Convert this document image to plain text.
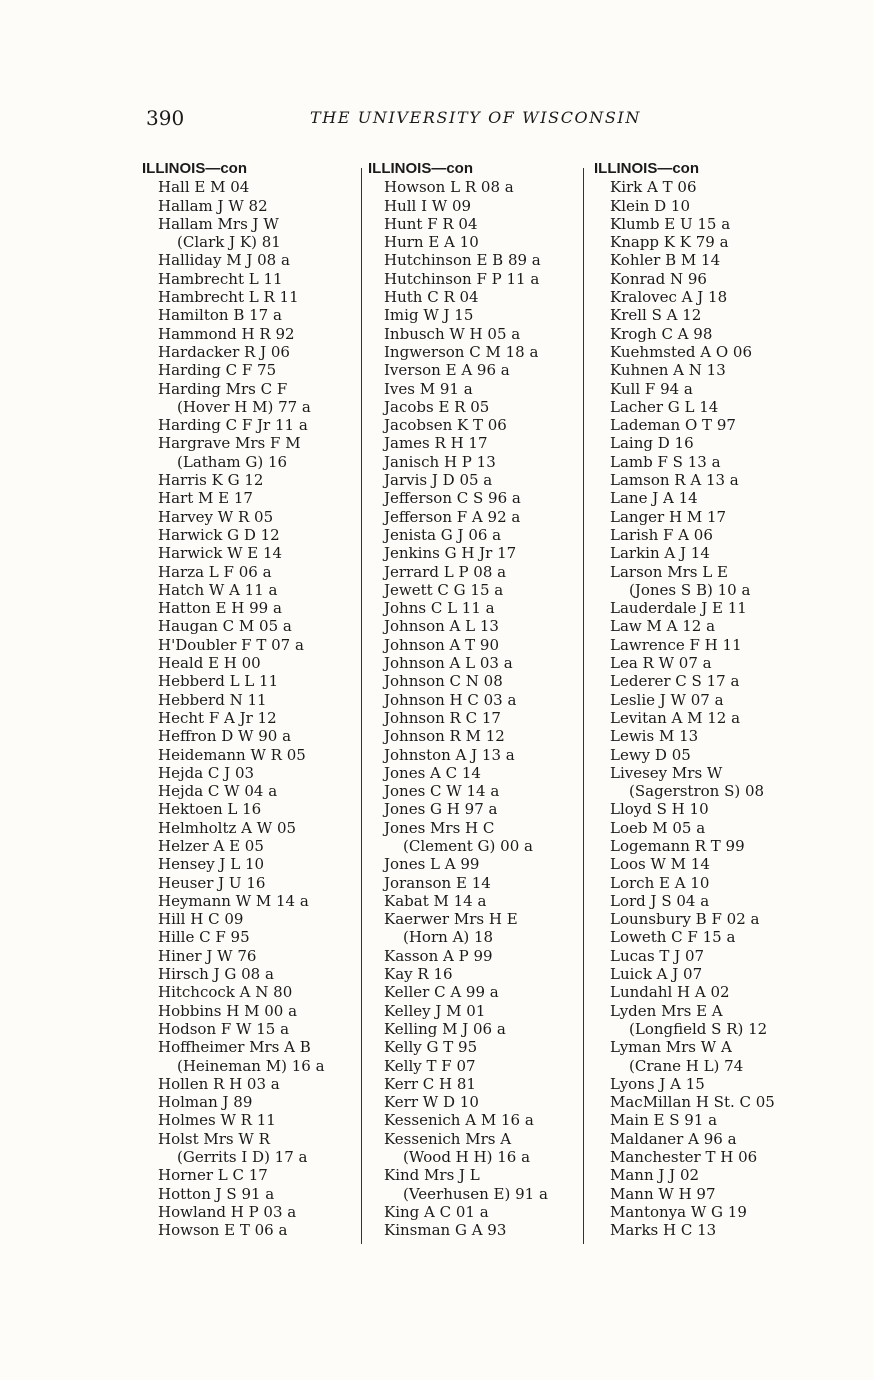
390	THE UNIVERSITY OF WISCONSIN
ILLINOIS—con
Hall E M 04
Hallam J W 82
Hallam Mrs J W
(Clark J K) 81
Halliday M J 08 a
Hambrecht L 11
Hambrecht L R 11
Hamilton B 17 a
Hammond H R 92
Hardacker R J 06
Harding C F 75
Harding Mrs C F
(Hover H M) 77 a
Harding C F Jr 11 a
Hargrave Mrs F M
(Latham G) 16
Harris K G 12
Hart M E 17
Harvey W R 05
Harwick G D 12
Harwick W E 14
Harza L F 06 a
Hatch W A 11 a
Hatton E H 99 a
Haugan C M 05 a
H'Doubler F T 07 a
Heald E H 00
Hebberd L L 11
Hebberd N 11
Hecht F A Jr 12
Heffron D W 90 a
Heidemann W R 05
Hejda C J 03
Hejda C W 04 a
Hektoen L 16
Helmholtz A W 05
Helzer A E 05
Hensey J L 10
Heuser J U 16
Heymann W M 14 a
Hill H C 09
Hille C F 95
Hiner J W 76
Hirsch J G 08 a
Hitchcock A N 80
Hobbins H M 00 a
Hodson F W 15 a
Hoffheimer Mrs A B
(Heineman M) 16 a
Hollen R H 03 a
Holman J 89
Holmes W R 11
Holst Mrs W R
(Gerrits I D) 17 a
Horner L C 17
Hotton J S 91 a
Howland H P 03 a
Howson E T 06 a
ILLINOIS—con
Howson L R 08 a
Hull I W 09
Hunt F R 04
Hurn E A 10
Hutchinson E B 89 a
Hutchinson F P 11 a
Huth C R 04
Imig W J 15
Inbusch W H 05 a
Ingwerson C M 18 a
Iverson E A 96 a
Ives M 91 a
Jacobs E R 05
Jacobsen K T 06
James R H 17
Janisch H P 13
Jarvis J D 05 a
Jefferson C S 96 a
Jefferson F A 92 a
Jenista G J 06 a
Jenkins G H Jr 17
Jerrard L P 08 a
Jewett C G 15 a
Johns C L 11 a
Johnson A L 13
Johnson A T 90
Johnson A L 03 a
Johnson C N 08
Johnson H C 03 a
Johnson R C 17
Johnson R M 12
Johnston A J 13 a
Jones A C 14
Jones C W 14 a
Jones G H 97 a
Jones Mrs H C
(Clement G) 00 a
Jones L A 99
Joranson E 14
Kabat M 14 a
Kaerwer Mrs H E
(Horn A) 18
Kasson A P 99
Kay R 16
Keller C A 99 a
Kelley J M 01
Kelling M J 06 a
Kelly G T 95
Kelly T F 07
Kerr C H 81
Kerr W D 10
Kessenich A M 16 a
Kessenich Mrs A
(Wood H H) 16 a
Kind Mrs J L
(Veerhusen E) 91 a
King A C 01 a
Kinsman G A 93
ILLINOIS—con
Kirk A T 06
Klein D 10
Klumb E U 15 a
Knapp K K 79 a
Kohler B M 14
Konrad N 96
Kralovec A J 18
Krell S A 12
Krogh C A 98
Kuehmsted A O 06
Kuhnen A N 13
Kull F 94 a
Lacher G L 14
Lademan O T 97
Laing D 16
Lamb F S 13 a
Lamson R A 13 a
Lane J A 14
Langer H M 17
Larish F A 06
Larkin A J 14
Larson Mrs L E
(Jones S B) 10 a
Lauderdale J E 11
Law M A 12 a
Lawrence F H 11
Lea R W 07 a
Lederer C S 17 a
Leslie J W 07 a
Levitan A M 12 a
Lewis M 13
Lewy D 05
Livesey Mrs W
(Sagerstron S) 08
Lloyd S H 10
Loeb M 05 a
Logemann R T 99
Loos W M 14
Lorch E A 10
Lord J S 04 a
Lounsbury B F 02 a
Loweth C F 15 a
Lucas T J 07
Luick A J 07
Lundahl H A 02
Lyden Mrs E A
(Longfield S R) 12
Lyman Mrs W A
(Crane H L) 74
Lyons J A 15
MacMillan H St. C 05
Main E S 91 a
Maldaner A 96 a
Manchester T H 06
Mann J J 02
Mann W H 97
Mantonya W G 19
Marks H C 13
